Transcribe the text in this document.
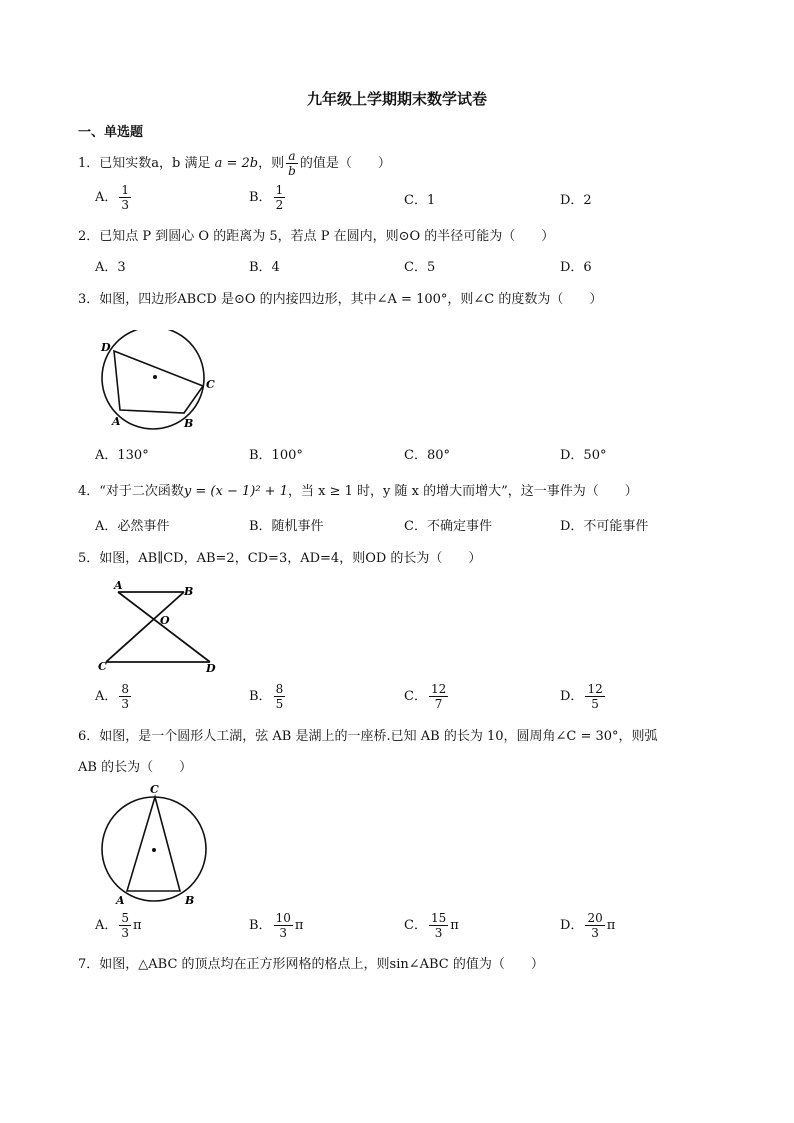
九年级上学期期末数学试卷
一、单选题
1．已知实数a，b 满足 a = 2b，则 $\frac{a}{b}$ 的值是（　　）
A． $\frac{1}{3}$	B． $\frac{1}{2}$	C．1	D．2
2．已知点 P 到圆心 O 的距离为 5，若点 P 在圆内，则⊙O 的半径可能为（　　）
A．3	B．4	C．5	D．6
3．如图，四边形ABCD 是⊙O 的内接四边形，其中∠A = 100°，则∠C 的度数为（　　）
D
C
A	B
A．130°	B．100°	C．80°	D．50°
4．“对于二次函数y = (x − 1)² + 1，当 x ≥ 1 时，y 随 x 的增大而增大”，这一事件为（　　）
A．必然事件	B．随机事件	C．不确定事件	D．不可能事件
5．如图，AB∥CD，AB=2，CD=3，AD=4，则OD 的长为（　　）
A	B
O
C	D
A． $\frac{8}{3}$	B． $\frac{8}{5}$	C． $\frac{12}{7}$	D． $\frac{12}{5}$
6．如图，是一个圆形人工湖，弦 AB 是湖上的一座桥.已知 AB 的长为 10，圆周角∠C = 30°，则弧
AB 的长为（　　）
C
A	B
A． $\frac{5}{3}$ π	B． $\frac{10}{3}$ π	C． $\frac{15}{3}$ π	D． $\frac{20}{3}$ π
7．如图，△ABC 的顶点均在正方形网格的格点上，则sin∠ABC 的值为（　　）
